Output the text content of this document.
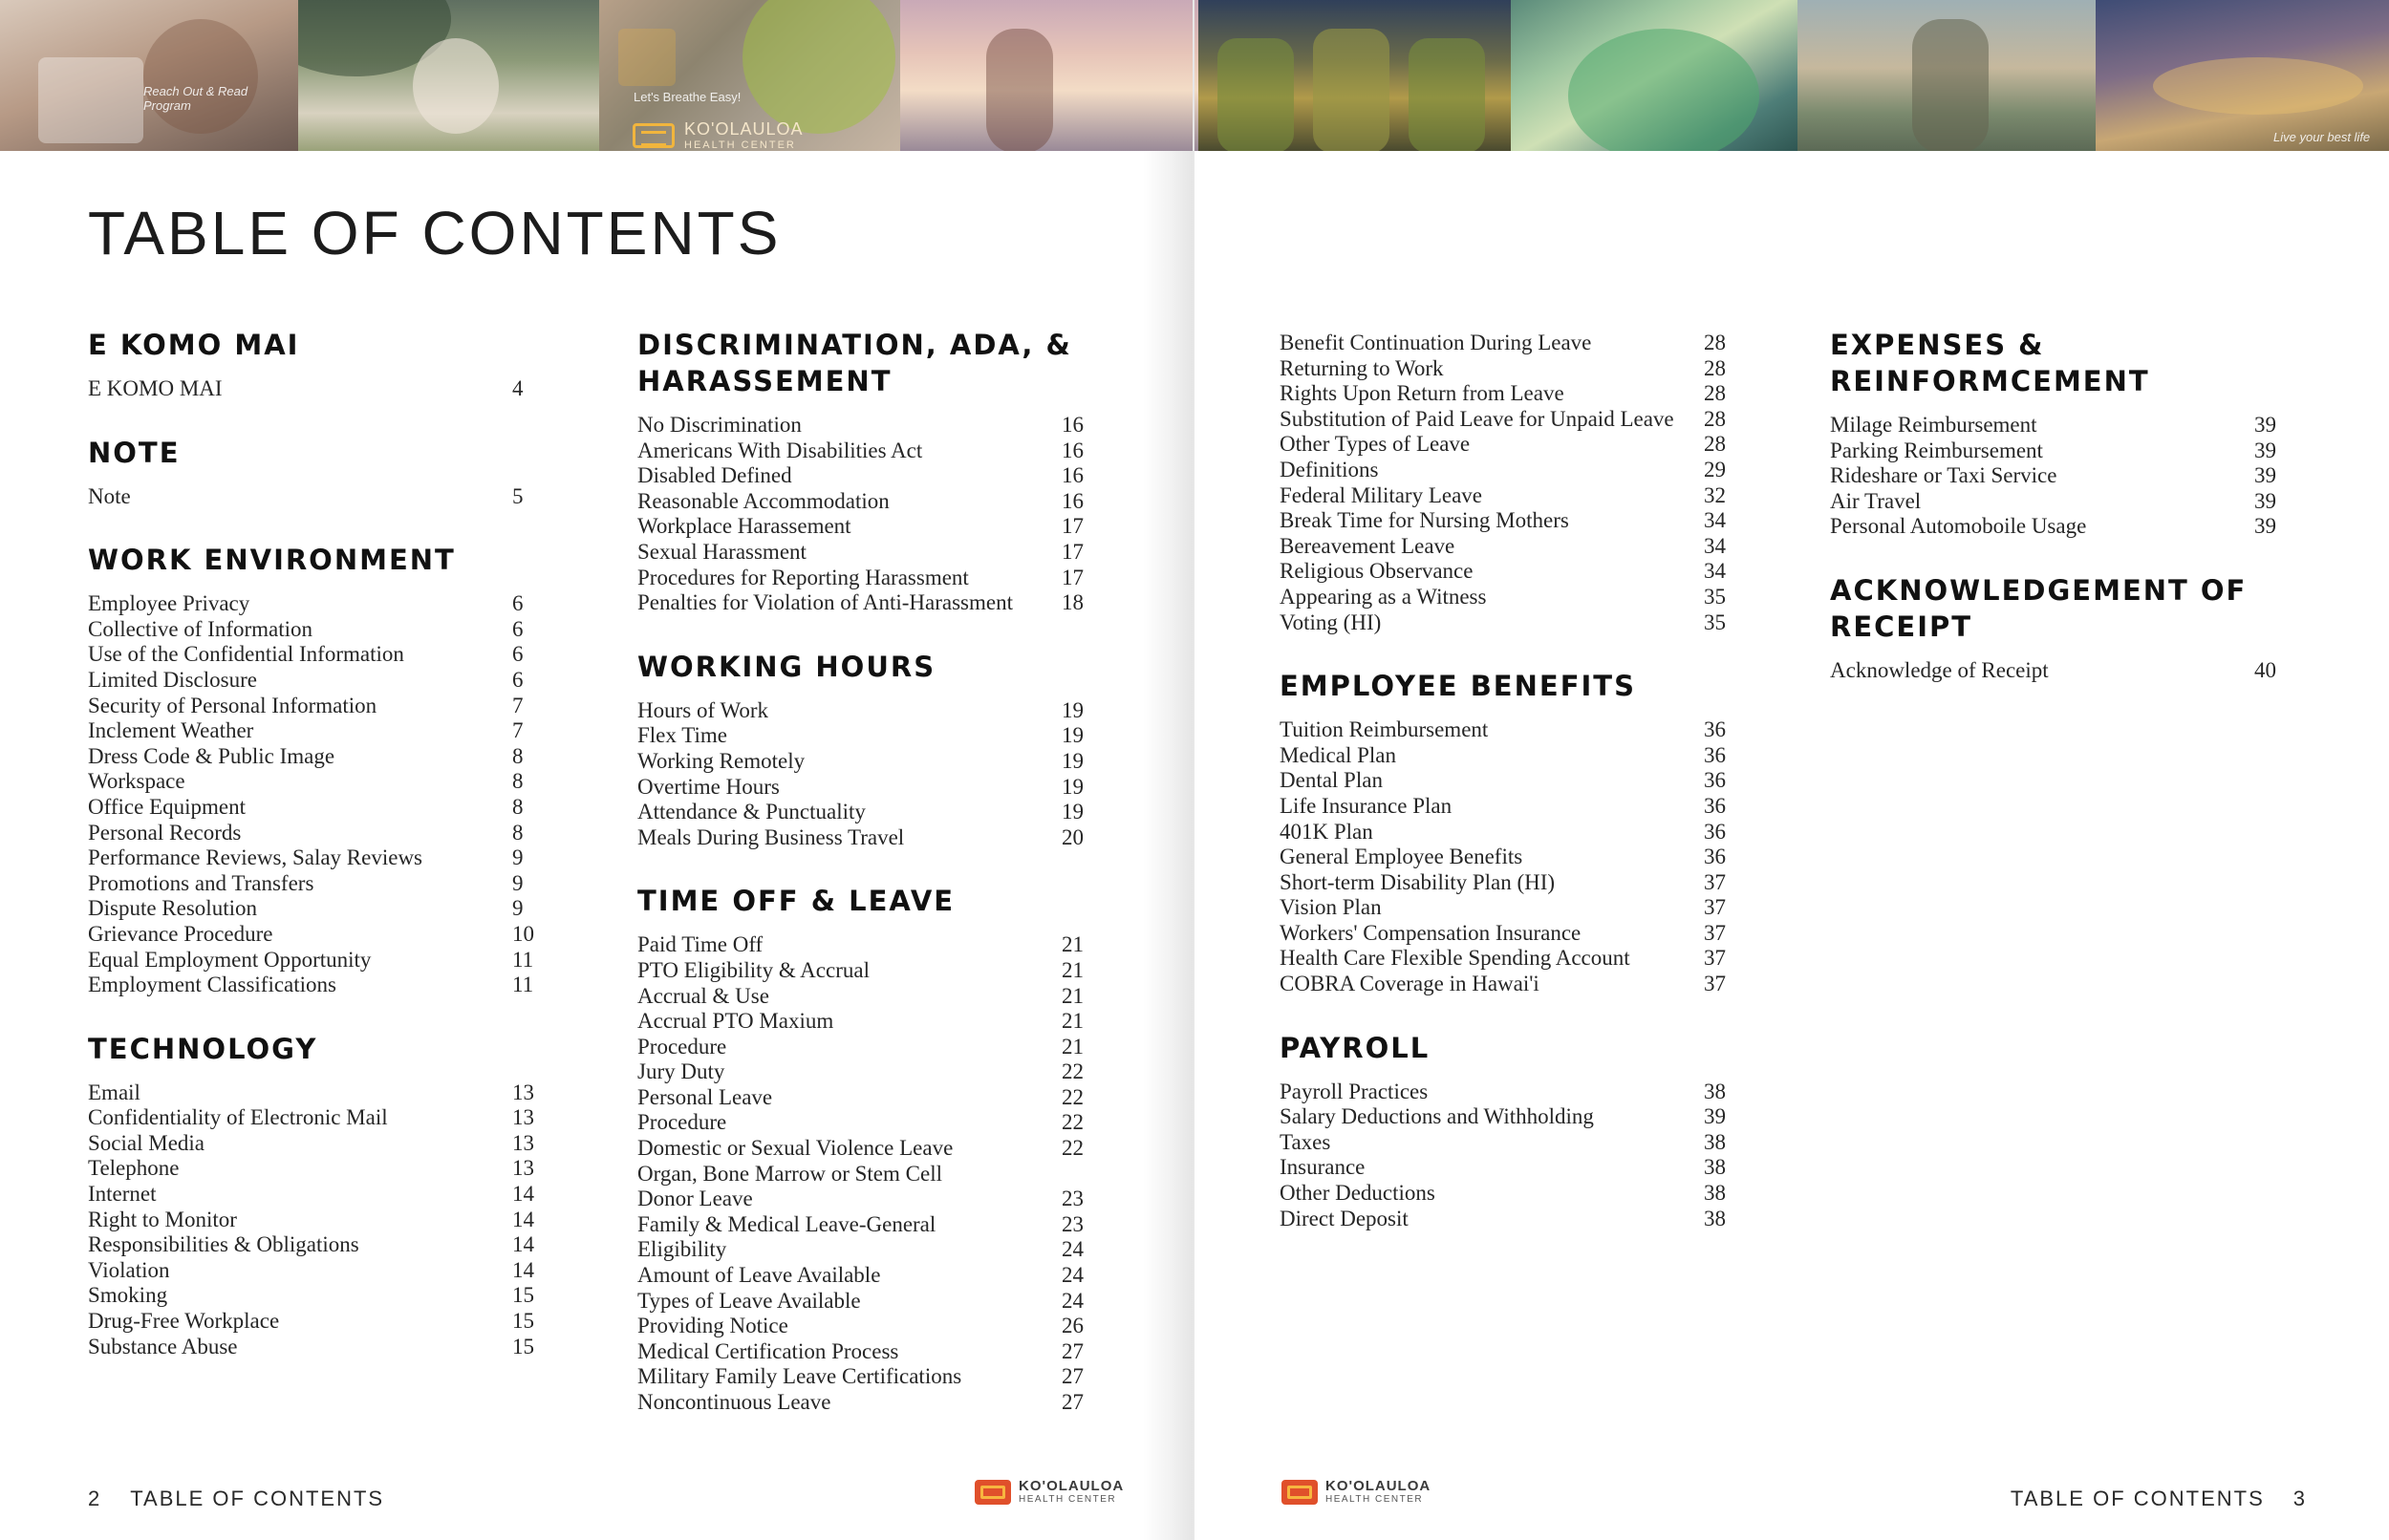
Reach Out & Read Program
Let's Breathe Easy!
Live your best life
KO'OLAULOA
HEALTH CENTER
TABLE OF CONTENTS
E KOMO MAI
E KOMO MAI	4
NOTE
Note	5
WORK ENVIRONMENT
Employee Privacy	6
Collective of Information	6
Use of the Confidential Information	6
Limited Disclosure	6
Security of Personal Information	7
Inclement Weather	7
Dress Code & Public Image	8
Workspace	8
Office Equipment	8
Personal Records	8
Performance Reviews, Salay Reviews	9
Promotions and Transfers	9
Dispute Resolution	9
Grievance Procedure	10
Equal Employment Opportunity	11
Employment Classifications	11
TECHNOLOGY
Email	13
Confidentiality of Electronic Mail	13
Social Media	13
Telephone	13
Internet	14
Right to Monitor	14
Responsibilities & Obligations	14
Violation	14
Smoking	15
Drug-Free Workplace	15
Substance Abuse	15
DISCRIMINATION, ADA, & HARASSEMENT
No Discrimination	16
Americans With Disabilities Act	16
Disabled Defined	16
Reasonable Accommodation	16
Workplace Harassement	17
Sexual Harassment	17
Procedures for Reporting Harassment	17
Penalties for Violation of Anti-Harassment 18
WORKING HOURS
Hours of Work	19
Flex Time	19
Working Remotely	19
Overtime Hours	19
Attendance & Punctuality	19
Meals During Business Travel	20
TIME OFF & LEAVE
Paid Time Off	21
PTO Eligibility & Accrual	21
Accrual & Use	21
Accrual PTO Maxium	21
Procedure	21
Jury Duty	22
Personal Leave	22
Procedure	22
Domestic or Sexual Violence Leave	22
Organ, Bone Marrow or Stem Cell
Donor Leave	23
Family & Medical Leave-General	23
Eligibility	24
Amount of Leave Available	24
Types of Leave Available	24
Providing Notice	26
Medical Certification Process	27
Military Family Leave Certifications	27
Noncontinuous Leave	27
Benefit Continuation During Leave	28
Returning to Work	28
Rights Upon Return from Leave	28
Substitution of Paid Leave for Unpaid Leave 28
Other Types of Leave	28
Definitions	29
Federal Military Leave	32
Break Time for Nursing Mothers	34
Bereavement Leave	34
Religious Observance	34
Appearing as a Witness	35
Voting (HI)	35
EMPLOYEE BENEFITS
Tuition Reimbursement	36
Medical Plan	36
Dental Plan	36
Life Insurance Plan	36
401K Plan	36
General Employee Benefits	36
Short-term Disability Plan (HI)	37
Vision Plan	37
Workers' Compensation Insurance	37
Health Care Flexible Spending Account	37
COBRA Coverage in Hawai'i	37
PAYROLL
Payroll Practices	38
Salary Deductions and Withholding	39
Taxes	38
Insurance	38
Other Deductions	38
Direct Deposit	38
EXPENSES & REINFORMCEMENT
Milage Reimbursement	39
Parking Reimbursement	39
Rideshare or Taxi Service	39
Air Travel	39
Personal Automoboile Usage	39
ACKNOWLEDGEMENT OF RECEIPT
Acknowledge of Receipt	40
2 TABLE OF CONTENTS
KO'OLAULOA
HEALTH CENTER
KO'OLAULOA
HEALTH CENTER	TABLE OF CONTENTS 3
